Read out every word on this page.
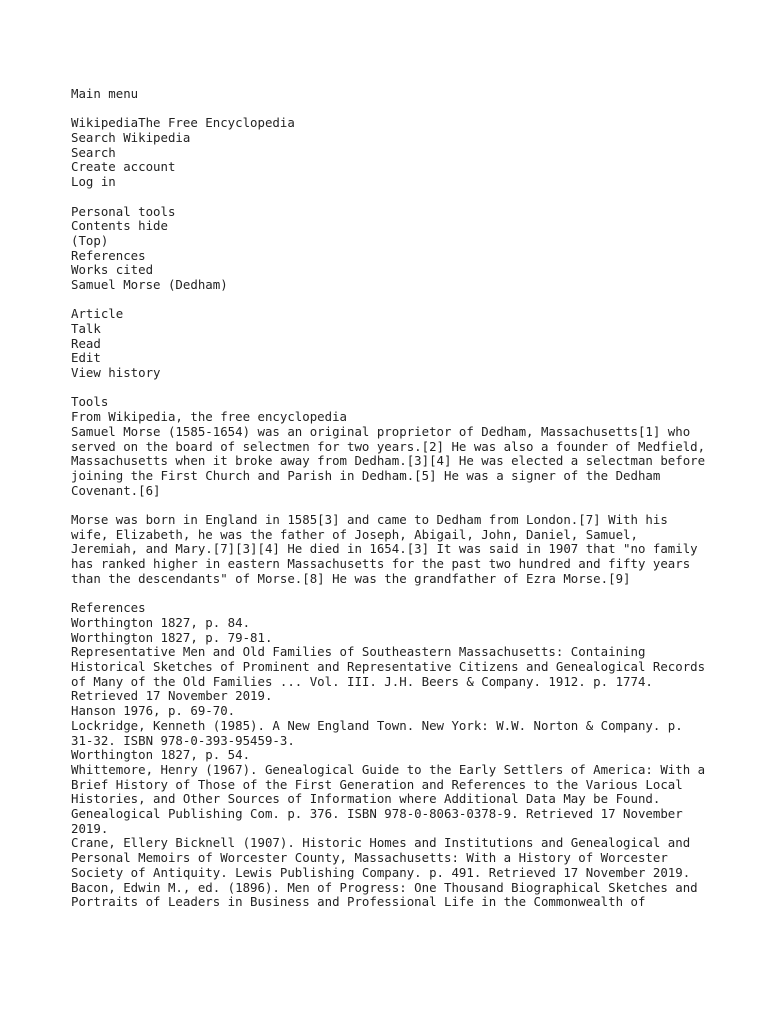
Main menu
WikipediaThe Free Encyclopedia
Search Wikipedia
Search
Create account
Log in
Personal tools
Contents hide
(Top)
References
Works cited
Samuel Morse (Dedham)
Article
Talk
Read
Edit
View history
Tools
From Wikipedia, the free encyclopedia
Samuel Morse (1585-1654) was an original proprietor of Dedham, Massachusetts[1] who served on the board of selectmen for two years.[2] He was also a founder of Medfield, Massachusetts when it broke away from Dedham.[3][4] He was elected a selectman before joining the First Church and Parish in Dedham.[5] He was a signer of the Dedham Covenant.[6]
Morse was born in England in 1585[3] and came to Dedham from London.[7] With his wife, Elizabeth, he was the father of Joseph, Abigail, John, Daniel, Samuel, Jeremiah, and Mary.[7][3][4] He died in 1654.[3] It was said in 1907 that "no family has ranked higher in eastern Massachusetts for the past two hundred and fifty years than the descendants" of Morse.[8] He was the grandfather of Ezra Morse.[9]
References
Worthington 1827, p. 84.
Worthington 1827, p. 79-81.
Representative Men and Old Families of Southeastern Massachusetts: Containing Historical Sketches of Prominent and Representative Citizens and Genealogical Records of Many of the Old Families ... Vol. III. J.H. Beers & Company. 1912. p. 1774. Retrieved 17 November 2019.
Hanson 1976, p. 69-70.
Lockridge, Kenneth (1985). A New England Town. New York: W.W. Norton & Company. p. 31-32. ISBN 978-0-393-95459-3.
Worthington 1827, p. 54.
Whittemore, Henry (1967). Genealogical Guide to the Early Settlers of America: With a Brief History of Those of the First Generation and References to the Various Local Histories, and Other Sources of Information where Additional Data May be Found. Genealogical Publishing Com. p. 376. ISBN 978-0-8063-0378-9. Retrieved 17 November 2019.
Crane, Ellery Bicknell (1907). Historic Homes and Institutions and Genealogical and Personal Memoirs of Worcester County, Massachusetts: With a History of Worcester Society of Antiquity. Lewis Publishing Company. p. 491. Retrieved 17 November 2019.
Bacon, Edwin M., ed. (1896). Men of Progress: One Thousand Biographical Sketches and Portraits of Leaders in Business and Professional Life in the Commonwealth of
